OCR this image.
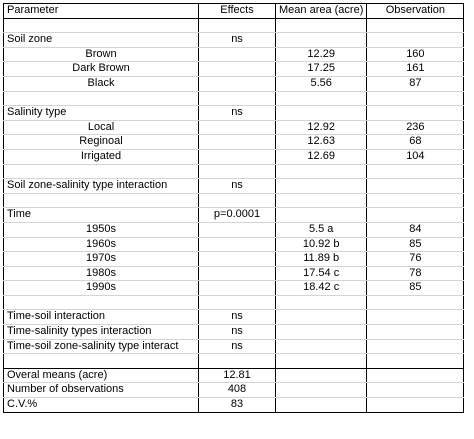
Parameter	Effects	Mean area (acre)	Observation

Soil zone	ns		
Brown		12.29	160
Dark Brown		17.25	161
Black		5.56	87

Salinity type	ns		
Local		12.92	236
Reginoal		12.63	68
Irrigated		12.69	104

Soil zone-salinity type interaction	ns		

Time	p=0.0001		
1950s		5.5 a	84
1960s		10.92 b	85
1970s		11.89 b	76
1980s		17.54 c	78
1990s		18.42 c	85

Time-soil interaction	ns		
Time-salinity types interaction	ns		
Time-soil zone-salinity type interact	ns		

Overal means (acre)	12.81		
Number of observations	408		
C.V.%	83		
